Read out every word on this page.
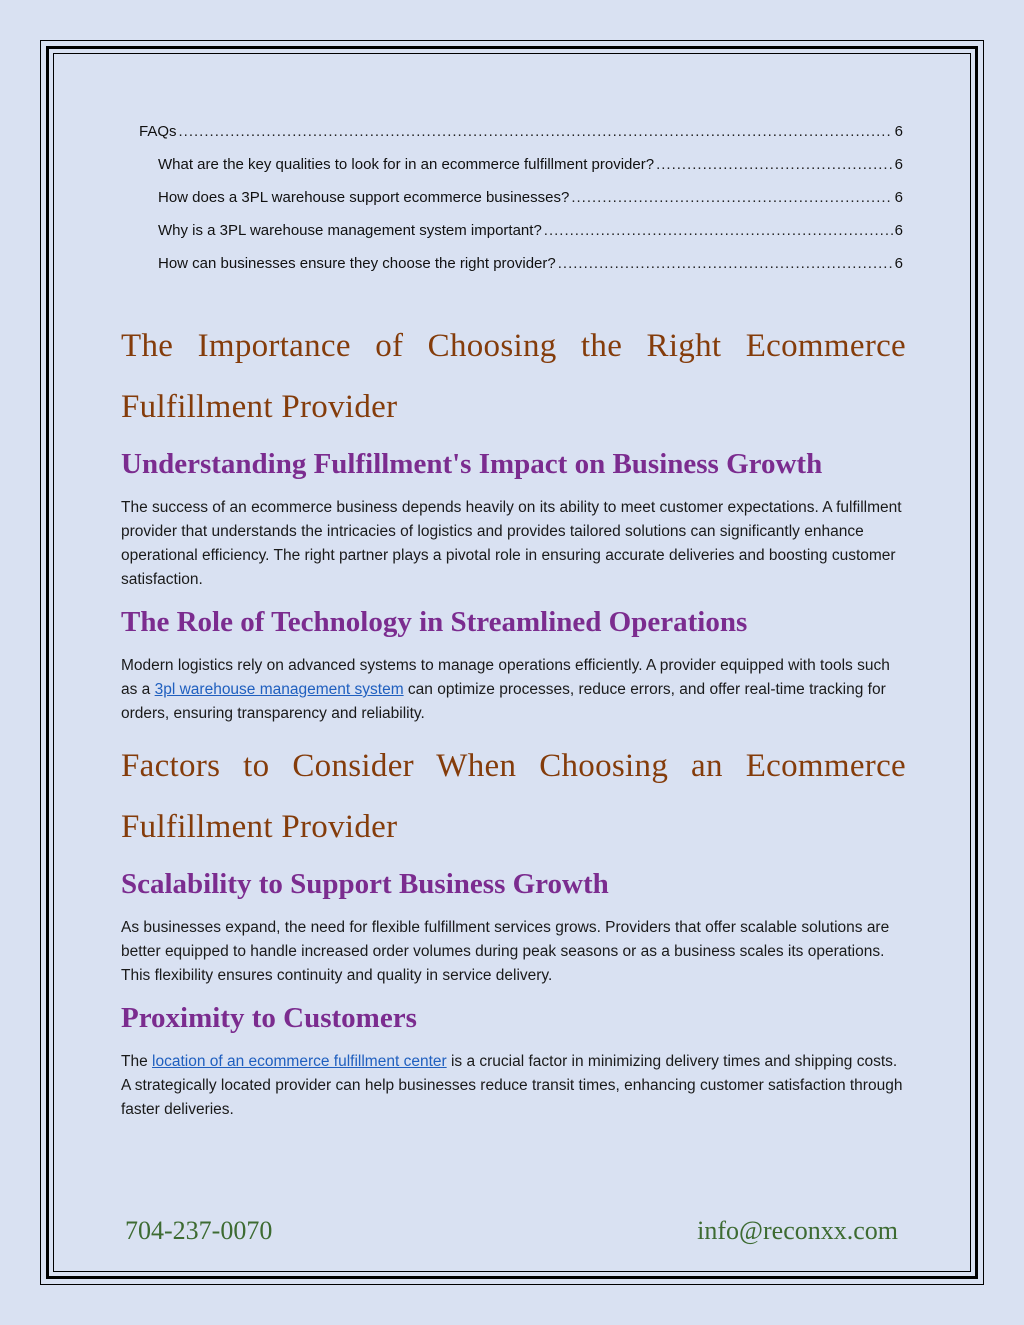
FAQs .....	6
What are the key qualities to look for in an ecommerce fulfillment provider? .....	6
How does a 3PL warehouse support ecommerce businesses? .....	6
Why is a 3PL warehouse management system important? .....	6
How can businesses ensure they choose the right provider? .....	6
The Importance of Choosing the Right Ecommerce Fulfillment Provider
Understanding Fulfillment's Impact on Business Growth

The success of an ecommerce business depends heavily on its ability to meet customer expectations. A fulfillment provider that understands the intricacies of logistics and provides tailored solutions can significantly enhance operational efficiency. The right partner plays a pivotal role in ensuring accurate deliveries and boosting customer satisfaction.

The Role of Technology in Streamlined Operations

Modern logistics rely on advanced systems to manage operations efficiently. A provider equipped with tools such as a 3pl warehouse management system can optimize processes, reduce errors, and offer real-time tracking for orders, ensuring transparency and reliability.

Factors to Consider When Choosing an Ecommerce Fulfillment Provider
Scalability to Support Business Growth

As businesses expand, the need for flexible fulfillment services grows. Providers that offer scalable solutions are better equipped to handle increased order volumes during peak seasons or as a business scales its operations. This flexibility ensures continuity and quality in service delivery.

Proximity to Customers

The location of an ecommerce fulfillment center is a crucial factor in minimizing delivery times and shipping costs. A strategically located provider can help businesses reduce transit times, enhancing customer satisfaction through faster deliveries.

704-237-0070	info@reconxx.com
